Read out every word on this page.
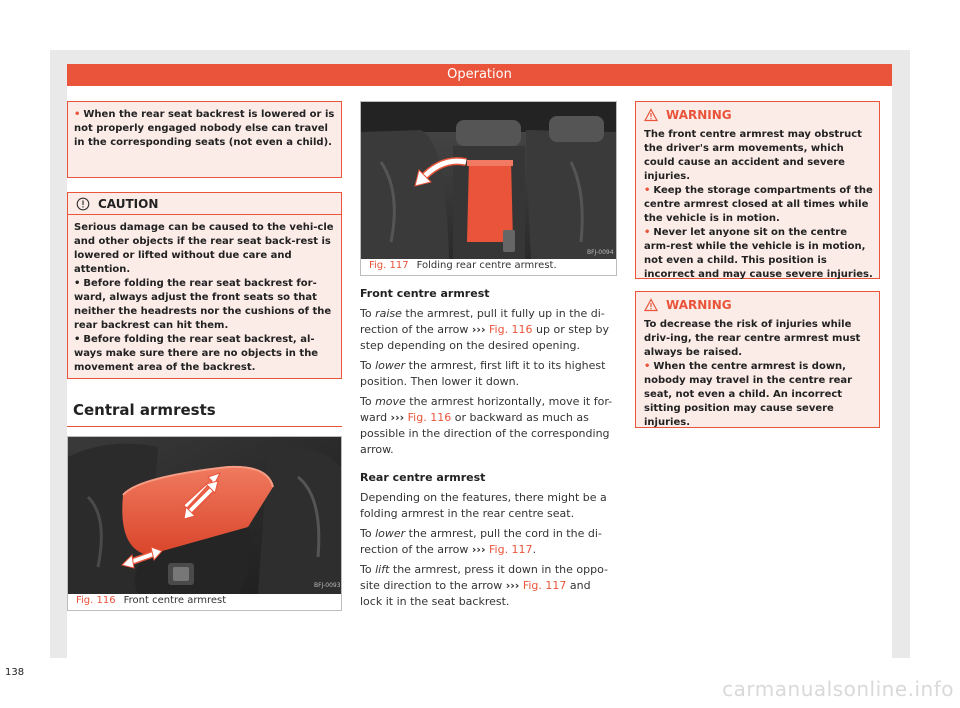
Operation

• When the rear seat backrest is lowered or is not properly engaged nobody else can travel in the corresponding seats (not even a child).

CAUTION

Serious damage can be caused to the vehi-cle and other objects if the rear seat back-rest is lowered or lifted without due care and attention.

• Before folding the rear seat backrest for-ward, always adjust the front seats so that neither the headrests nor the cushions of the rear backrest can hit them.

• Before folding the rear seat backrest, al-ways make sure there are no objects in the movement area of the backrest.

Central armrests
BFJ-0093
Fig. 116 Front centre armrest
BFJ-0094
Fig. 117 Folding rear centre armrest.
Front centre armrest
To raise the armrest, pull it fully up in the di-rection of the arrow ››› Fig. 116 up or step by step depending on the desired opening.
To lower the armrest, first lift it to its highest position. Then lower it down.
To move the armrest horizontally, move it for-ward ››› Fig. 116 or backward as much as possible in the direction of the corresponding arrow.
Rear centre armrest
Depending on the features, there might be a folding armrest in the rear centre seat.
To lower the armrest, pull the cord in the di-rection of the arrow ››› Fig. 117.
To lift the armrest, press it down in the oppo-site direction to the arrow ››› Fig. 117 and lock it in the seat backrest.
WARNING

The front centre armrest may obstruct the driver's arm movements, which could cause an accident and severe injuries.

• Keep the storage compartments of the centre armrest closed at all times while the vehicle is in motion.

• Never let anyone sit on the centre arm-rest while the vehicle is in motion, not even a child. This position is incorrect and may cause severe injuries.

WARNING

To decrease the risk of injuries while driv-ing, the rear centre armrest must always be raised.

• When the centre armrest is down, nobody may travel in the centre rear seat, not even a child. An incorrect sitting position may cause severe injuries.

138
carmanualsonline.info
